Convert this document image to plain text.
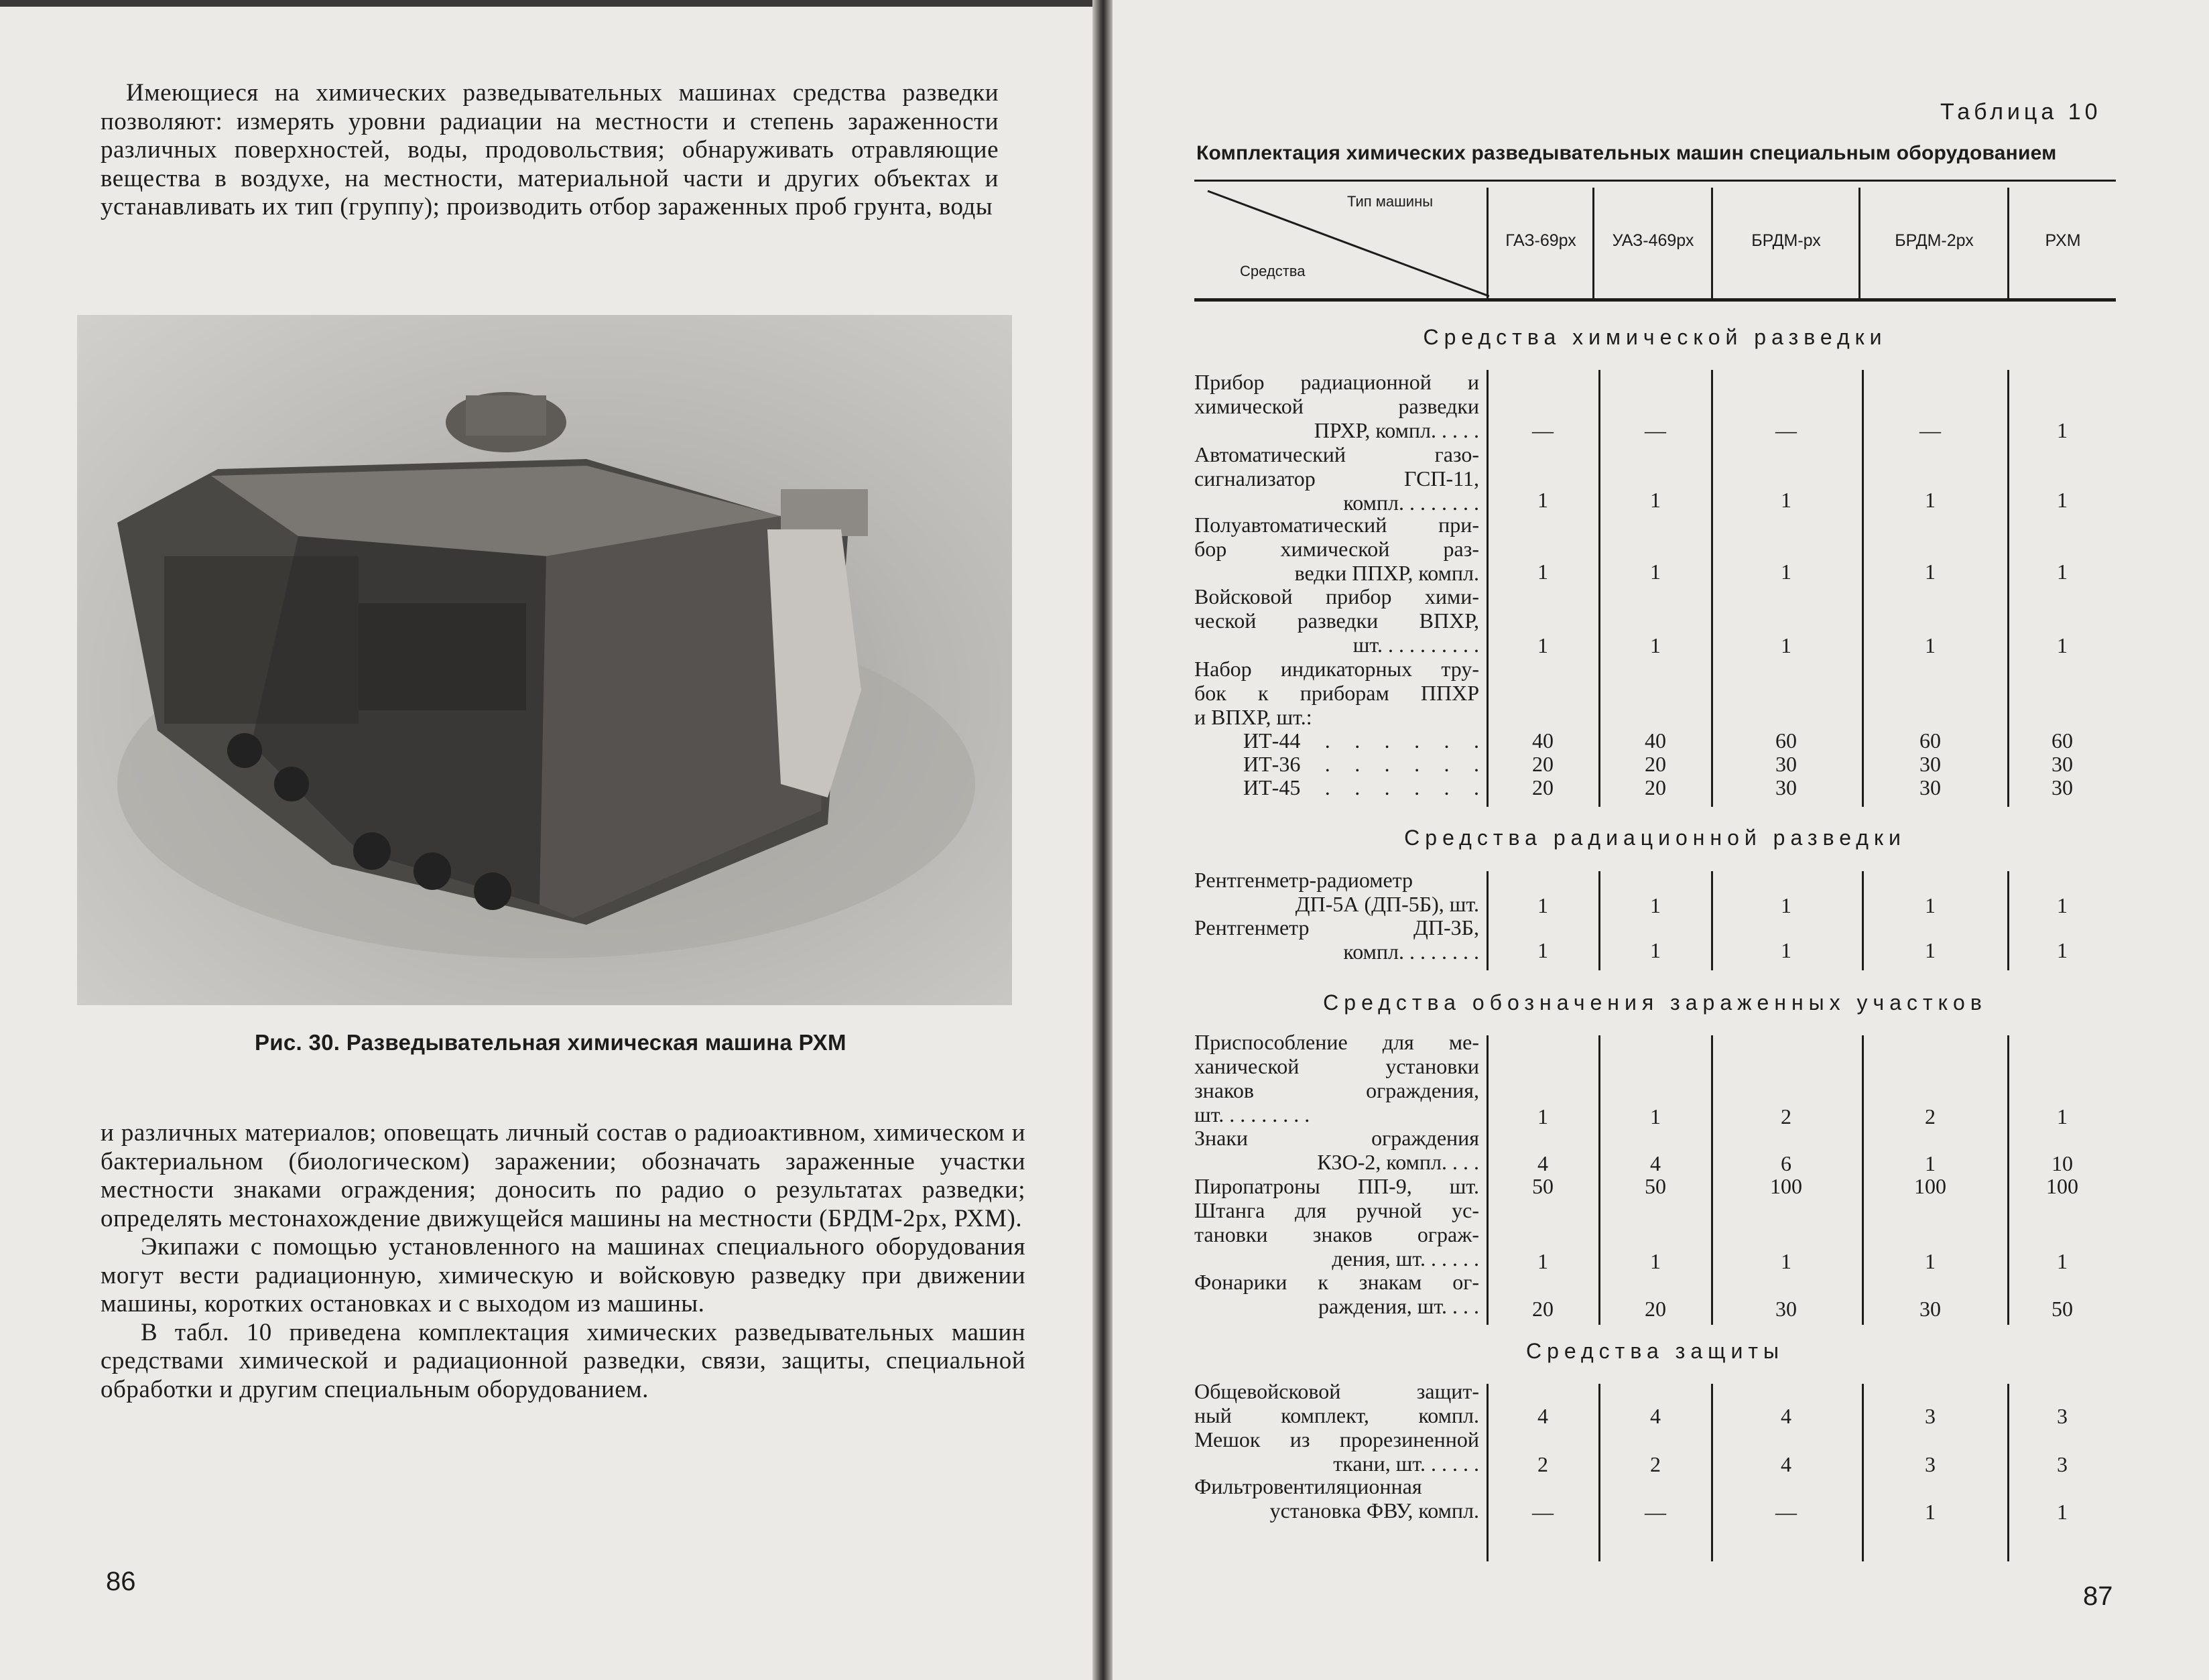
Имеющиеся на химических разведывательных машинах средства разведки позволяют: измерять уровни радиации на местности и степень зараженности различных поверхностей, воды, продовольствия; обнаруживать отравляющие вещества в воздухе, на местности, материальной части и других объектах и устанавливать их тип (группу); производить отбор зараженных проб грунта, воды
Рис. 30. Разведывательная химическая машина РХМ

и различных материалов; оповещать личный состав о радиоактивном, химическом и бактериальном (биологическом) заражении; обозначать зараженные участки местности знаками ограждения; доносить по радио о результатах разведки; определять местонахождение движущейся машины на местности (БРДМ-2рх, РХМ).

Экипажи с помощью установленного на машинах специального оборудования могут вести радиационную, химическую и войсковую разведку при движении машины, коротких остановках и с выходом из машины.

В табл. 10 приведена комплектация химических разведывательных машин средствами химической и радиационной разведки, связи, защиты, специальной обработки и другим специальным оборудованием.

86
Таблица 10
Комплектация химических разведывательных машин специальным оборудованием
Тип машины
Средства
ГАЗ-69рх	УАЗ-469рх	БРДМ-рх	БРДМ-2рх	РХМ
Средства химической разведки
Прибор радиационной и
химической разведки
ПРХР, компл. . . . .	—	—	—	—	1
Автоматический газо-
сигнализатор ГСП-11,
компл. . . . . . . .	1	1	1	1	1
Полуавтоматический при-
бор химической раз-
ведки ППХР, компл.	1	1	1	1	1
Войсковой прибор хими-
ческой разведки ВПХР,
шт. . . . . . . . . .	1	1	1	1	1
Набор индикаторных тру-
бок к приборам ППХР
и ВПХР, шт.:
ИТ-44 . . . . . .	40	40	60	60	60
ИТ-36 . . . . . .	20	20	30	30	30
ИТ-45 . . . . . .	20	20	30	30	30
Средства радиационной разведки
Рентгенметр-радиометр
ДП-5А (ДП-5Б), шт.	1	1	1	1	1
Рентгенметр ДП-3Б,
компл. . . . . . . .	1	1	1	1	1
Средства обозначения зараженных участков
Приспособление для ме-
ханической установки
знаков ограждения,
шт. . . . . . . . .	1	1	2	2	1
Знаки ограждения
КЗО-2, компл. . . .	4	4	6	1	10
Пиропатроны ПП-9, шт.	50	50	100	100	100
Штанга для ручной ус-
тановки знаков ограж-
дения, шт. . . . . .	1	1	1	1	1
Фонарики к знакам ог-
раждения, шт. . . .	20	20	30	30	50
Средства защиты
Общевойсковой защит-
ный комплект, компл.	4	4	4	3	3
Мешок из прорезиненной
ткани, шт. . . . . .	2	2	4	3	3
Фильтровентиляционная
установка ФВУ, компл.	—	—	—	1	1
87
